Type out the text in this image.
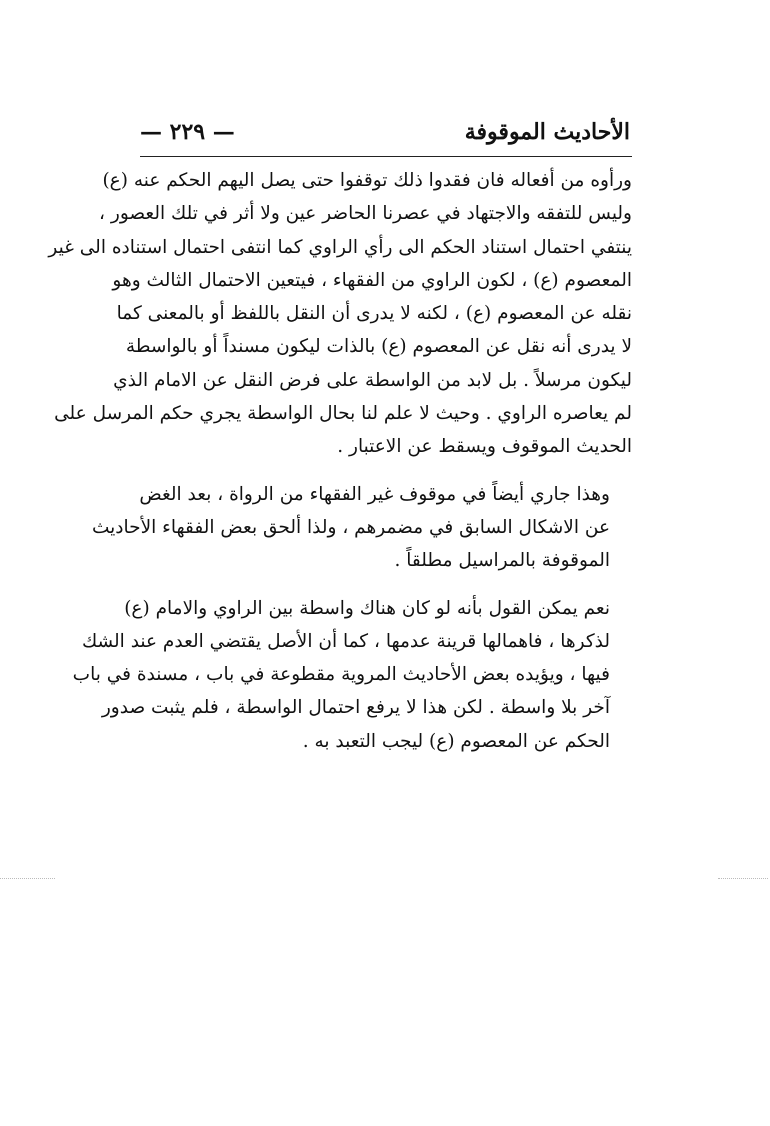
الأحاديث الموقوفة
— ٢٢٩ —

ورأوه من أفعاله فان فقدوا ذلك توقفوا حتى يصل اليهم الحكم عنه (ع)
وليس للتفقه والاجتهاد في عصرنا الحاضر عين ولا أثر في تلك العصور ،
ينتفي احتمال استناد الحكم الى رأي الراوي كما انتفى احتمال استناده الى غير
المعصوم (ع) ، لكون الراوي من الفقهاء ، فيتعين الاحتمال الثالث وهو
نقله عن المعصوم (ع) ، لكنه لا يدرى أن النقل باللفظ أو بالمعنى كما
لا يدرى أنه نقل عن المعصوم (ع) بالذات ليكون مسنداً أو بالواسطة
ليكون مرسلاً . بل لابد من الواسطة على فرض النقل عن الامام الذي
لم يعاصره الراوي . وحيث لا علم لنا بحال الواسطة يجري حكم المرسل على
الحديث الموقوف ويسقط عن الاعتبار .

وهذا جاري أيضاً في موقوف غير الفقهاء من الرواة ، بعد الغض
عن الاشكال السابق في مضمرهم ، ولذا ألحق بعض الفقهاء الأحاديث
الموقوفة بالمراسيل مطلقاً .

نعم يمكن القول بأنه لو كان هناك واسطة بين الراوي والامام (ع)
لذكرها ، فاهمالها قرينة عدمها ، كما أن الأصل يقتضي العدم عند الشك
فيها ، ويؤيده بعض الأحاديث المروية مقطوعة في باب ، مسندة في باب
آخر بلا واسطة . لكن هذا لا يرفع احتمال الواسطة ، فلم يثبت صدور
الحكم عن المعصوم (ع) ليجب التعبد به .
